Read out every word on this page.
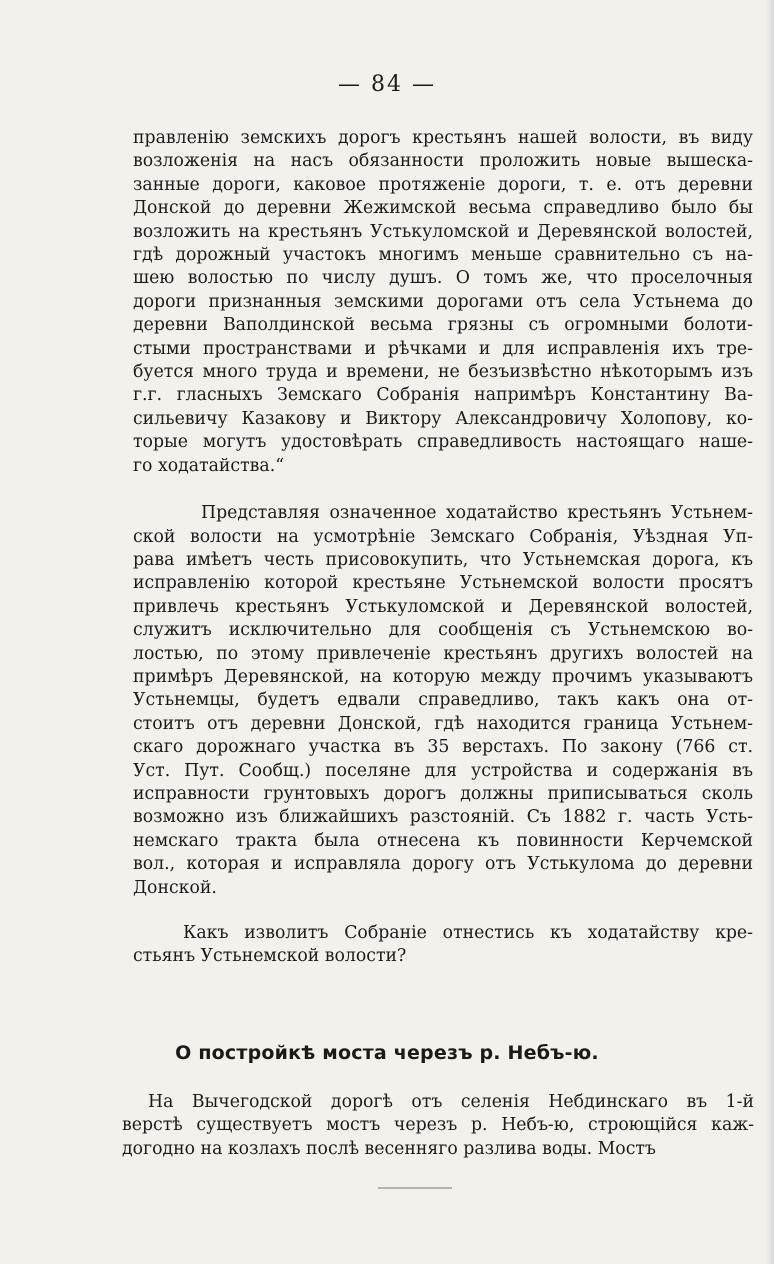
— 84 —
правленію земскихъ дорогъ крестьянъ нашей волости, въ виду
возложенія на насъ обязанности проложить новые вышеска-
занные дороги, каковое протяженіе дороги, т. е. отъ деревни
Донской до деревни Жежимской весьма справедливо было бы
возложить на крестьянъ Устькуломской и Деревянской волостей,
гдѣ дорожный участокъ многимъ меньше сравнительно съ на-
шею волостью по числу душъ. О томъ же, что проселочныя
дороги признанныя земскими дорогами отъ села Устьнема до
деревни Ваполдинской весьма грязны съ огромными болоти-
стыми пространствами и рѣчками и для исправленія ихъ тре-
буется много труда и времени, не безъизвѣстно нѣкоторымъ изъ
г.г. гласныхъ Земскаго Собранія напримѣръ Константину Ва-
сильевичу Казакову и Виктору Александровичу Холопову, ко-
торые могутъ удостовѣрать справедливость настоящаго наше-
го ходатайства.“
Представляя означенное ходатайство крестьянъ Устьнем-
ской волости на усмотрѣніе Земскаго Собранія, Уѣздная Уп-
рава имѣетъ честь присовокупить, что Устьнемская дорога, къ
исправленію которой крестьяне Устьнемской волости просятъ
привлечь крестьянъ Устькуломской и Деревянской волостей,
служитъ исключительно для сообщенія съ Устьнемскою во-
лостью, по этому привлеченіе крестьянъ другихъ волостей на
примѣръ Деревянской, на которую между прочимъ указываютъ
Устьнемцы, будетъ едвали справедливо, такъ какъ она от-
стоитъ отъ деревни Донской, гдѣ находится граница Устьнем-
скаго дорожнаго участка въ 35 верстахъ. По закону (766 ст.
Уст. Пут. Сообщ.) поселяне для устройства и содержанія въ
исправности грунтовыхъ дорогъ должны приписываться сколь
возможно изъ ближайшихъ разстояній. Съ 1882 г. часть Усть-
немскаго тракта была отнесена къ повинности Керчемской
вол., которая и исправляла дорогу отъ Устькулома до деревни
Донской.
Какъ изволитъ Собраніе отнестись къ ходатайству кре-
стьянъ Устьнемской волости?
О постройкѣ моста черезъ р. Небъ-ю.
На Вычегодской дорогѣ отъ селенія Небдинскаго въ 1-й
верстѣ существуетъ мостъ черезъ р. Небъ-ю, строющійся каж-
догодно на козлахъ послѣ весенняго разлива воды. Мостъ
